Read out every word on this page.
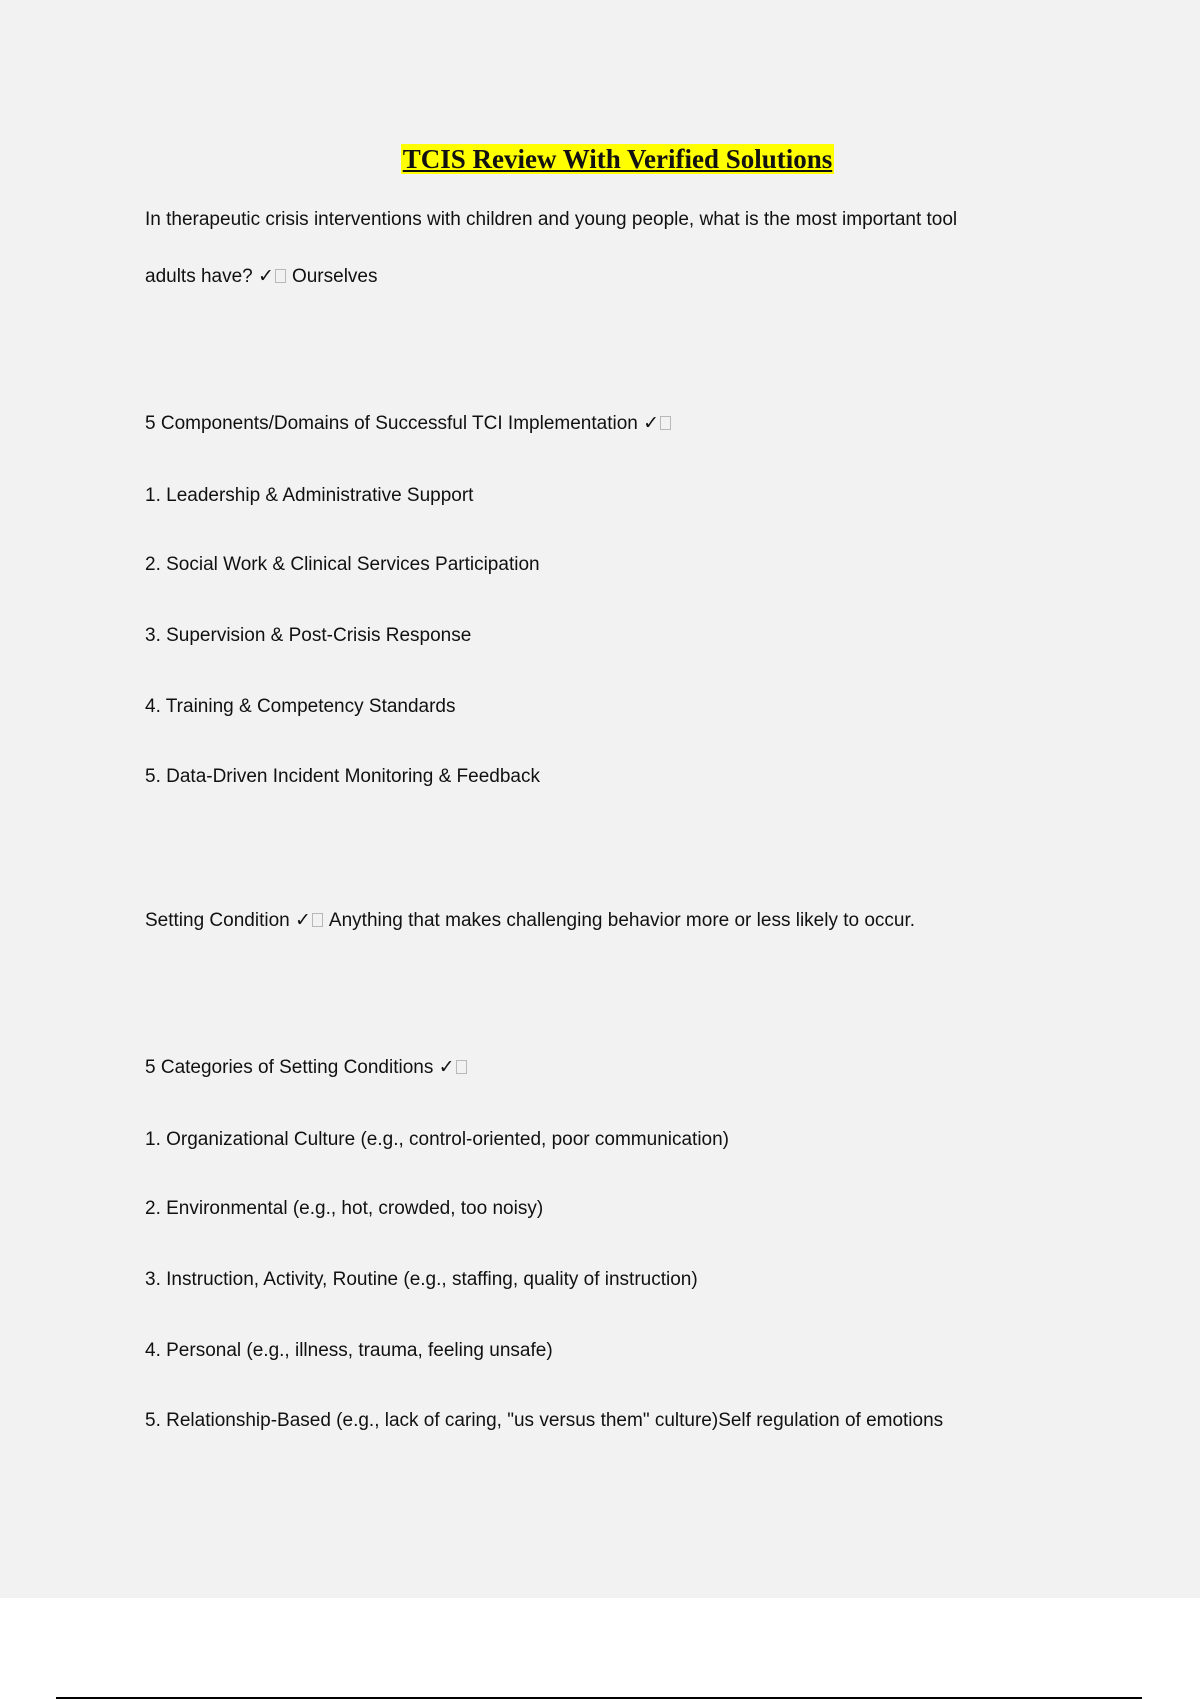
TCIS Review With Verified Solutions
In therapeutic crisis interventions with children and young people, what is the most important tool
adults have? ✓ Ourselves
5 Components/Domains of Successful TCI Implementation ✓
1. Leadership & Administrative Support
2. Social Work & Clinical Services Participation
3. Supervision & Post-Crisis Response
4. Training & Competency Standards
5. Data-Driven Incident Monitoring & Feedback
Setting Condition ✓ Anything that makes challenging behavior more or less likely to occur.
5 Categories of Setting Conditions ✓
1. Organizational Culture (e.g., control-oriented, poor communication)
2. Environmental (e.g., hot, crowded, too noisy)
3. Instruction, Activity, Routine (e.g., staffing, quality of instruction)
4. Personal (e.g., illness, trauma, feeling unsafe)
5. Relationship-Based (e.g., lack of caring, "us versus them" culture)Self regulation of emotions
